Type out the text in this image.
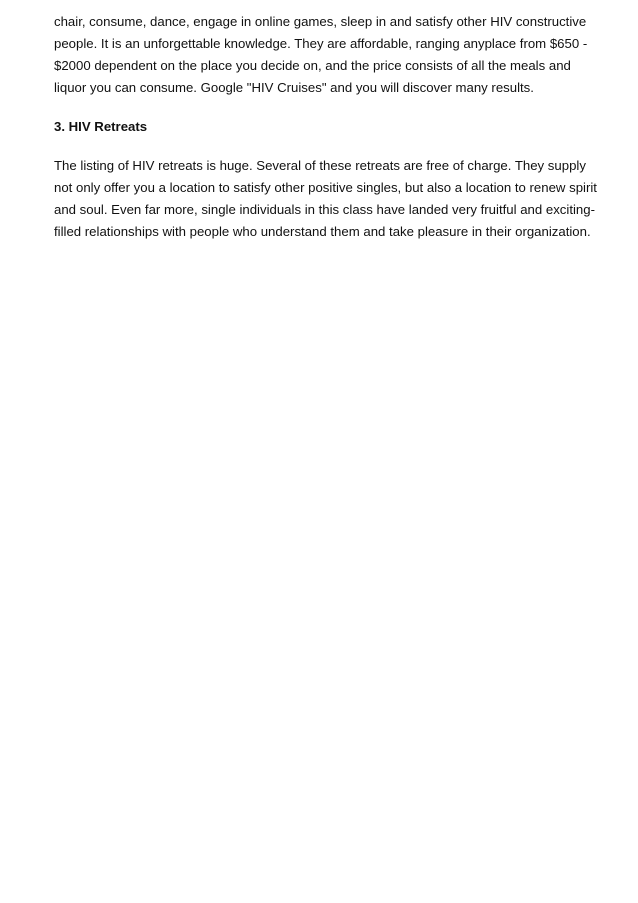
chair, consume, dance, engage in online games, sleep in and satisfy other HIV constructive
people. It is an unforgettable knowledge. They are affordable, ranging anyplace from $650 -
$2000 dependent on the place you decide on, and the price consists of all the meals and
liquor you can consume. Google "HIV Cruises" and you will discover many results.
3. HIV Retreats
The listing of HIV retreats is huge. Several of these retreats are free of charge. They supply
not only offer you a location to satisfy other positive singles, but also a location to renew spirit
and soul. Even far more, single individuals in this class have landed very fruitful and exciting-
filled relationships with people who understand them and take pleasure in their organization.
